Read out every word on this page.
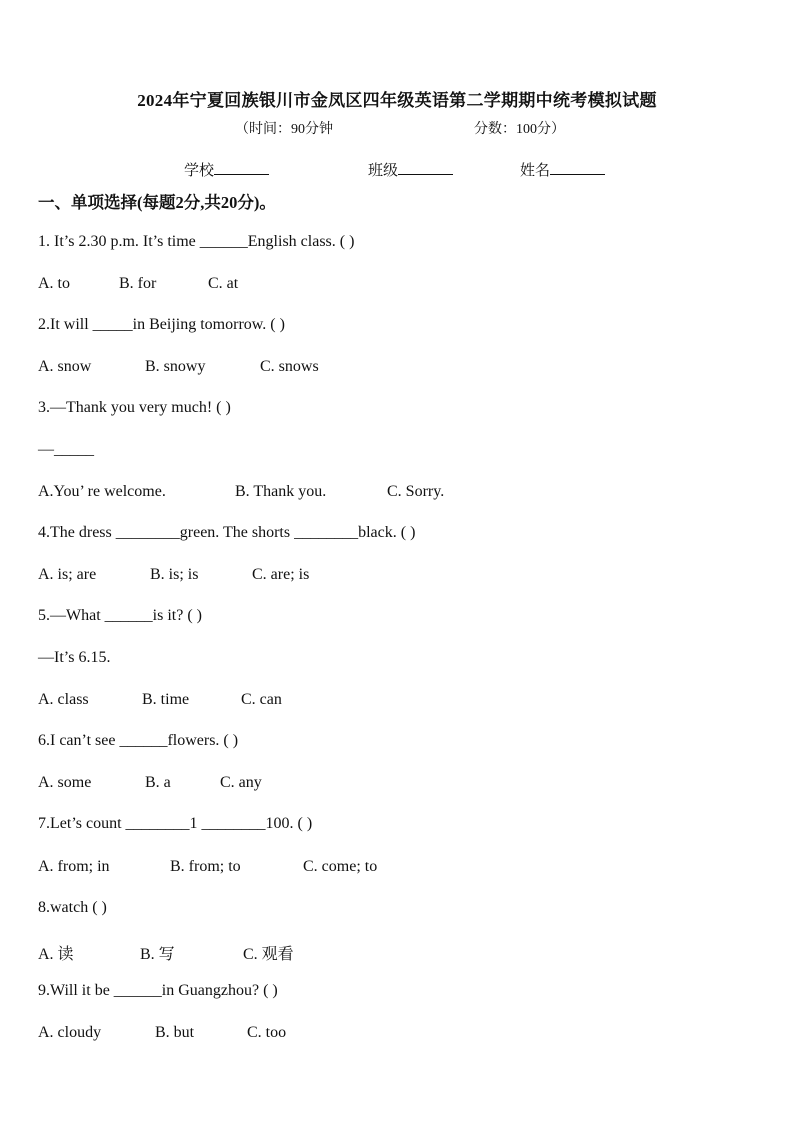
2024年宁夏回族银川市金凤区四年级英语第二学期期中统考模拟试题
（时间：90分钟	分数：100分）
学校	班级	姓名
一、单项选择(每题2分,共20分)。
1. It’s 2.30 p.m. It’s time ______English class. ( )
A. to	B. for	C. at
2.It will _____in Beijing tomorrow. ( )
A. snow	B. snowy	C. snows
3.—Thank you very much! ( )
—_____
A.You’ re welcome.	B. Thank you.	C. Sorry.
4.The dress ________green. The shorts ________black. ( )
A. is; are	B. is; is	C. are; is
5.—What ______is it? ( )
—It’s 6.15.
A. class	B. time	C. can
6.I can’t see ______flowers. ( )
A. some	B. a	C. any
7.Let’s count ________1 ________100. ( )
A. from; in	B. from; to	C. come; to
8.watch ( )
A. 读	B. 写	C. 观看
9.Will it be ______in Guangzhou? ( )
A. cloudy	B. but	C. too
